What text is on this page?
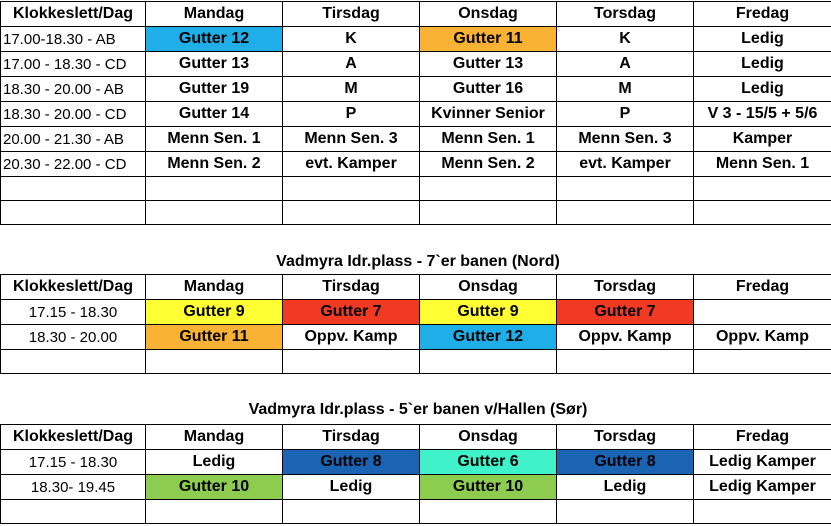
Klokkeslett/Dag	Mandag	Tirsdag	Onsdag	Torsdag	Fredag
17.00-18.30 - AB	Gutter 12	K	Gutter 11	K	Ledig
17.00 - 18.30 - CD	Gutter 13	A	Gutter 13	A	Ledig
18.30 - 20.00 - AB	Gutter 19	M	Gutter 16	M	Ledig
18.30 - 20.00 - CD	Gutter 14	P	Kvinner Senior	P	V 3 - 15/5 + 5/6
20.00 - 21.30 - AB	Menn Sen. 1	Menn Sen. 3	Menn Sen. 1	Menn Sen. 3	Kamper
20.30 - 22.00 - CD	Menn Sen. 2	evt. Kamper	Menn Sen. 2	evt. Kamper	Menn Sen. 1

Vadmyra Idr.plass - 7`er banen (Nord)
Klokkeslett/Dag	Mandag	Tirsdag	Onsdag	Torsdag	Fredag
17.15 - 18.30	Gutter 9	Gutter 7	Gutter 9	Gutter 7	
18.30 - 20.00	Gutter 11	Oppv. Kamp	Gutter 12	Oppv. Kamp	Oppv. Kamp

Vadmyra Idr.plass - 5`er banen v/Hallen (Sør)
Klokkeslett/Dag	Mandag	Tirsdag	Onsdag	Torsdag	Fredag
17.15 - 18.30	Ledig	Gutter 8	Gutter 6	Gutter 8	Ledig Kamper
18.30- 19.45	Gutter 10	Ledig	Gutter 10	Ledig	Ledig Kamper
